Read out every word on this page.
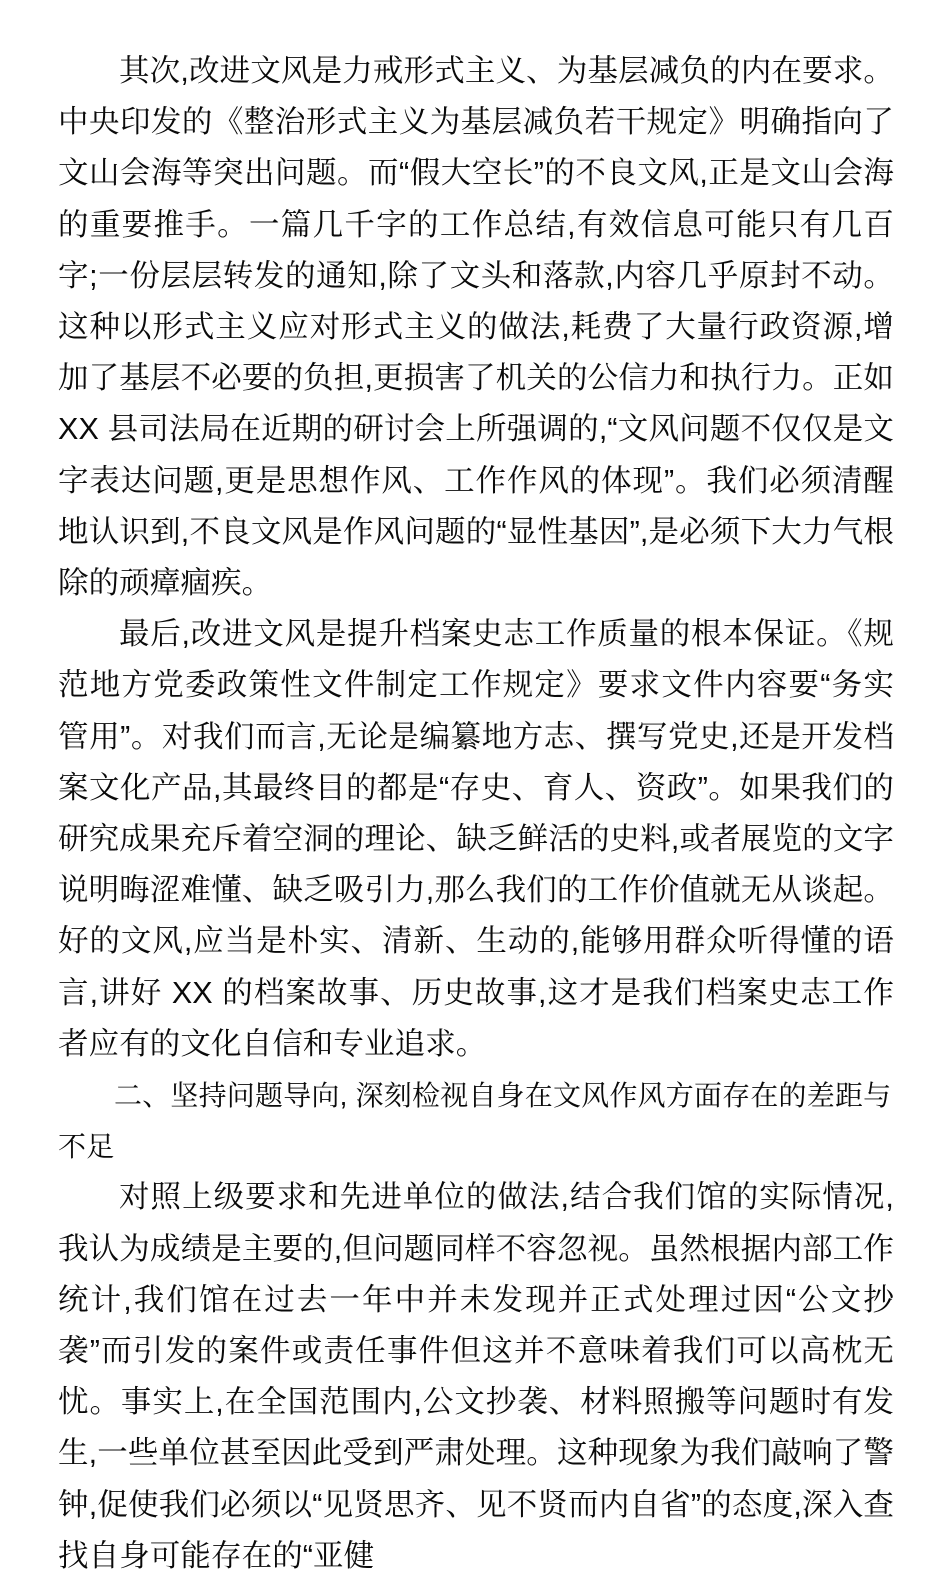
其次,改进文风是力戒形式主义、为基层减负的内在要求。中央印发的《整治形式主义为基层减负若干规定》明确指向了文山会海等突出问题。而“假大空长”的不良文风,正是文山会海的重要推手。一篇几千字的工作总结,有效信息可能只有几百字;一份层层转发的通知,除了文头和落款,内容几乎原封不动。这种以形式主义应对形式主义的做法,耗费了大量行政资源,增加了基层不必要的负担,更损害了机关的公信力和执行力。正如 XX 县司法局在近期的研讨会上所强调的,“文风问题不仅仅是文字表达问题,更是思想作风、工作作风的体现”。我们必须清醒地认识到,不良文风是作风问题的“显性基因”,是必须下大力气根除的顽瘴痼疾。

最后,改进文风是提升档案史志工作质量的根本保证。《规范地方党委政策性文件制定工作规定》要求文件内容要“务实管用”。对我们而言,无论是编纂地方志、撰写党史,还是开发档案文化产品,其最终目的都是“存史、育人、资政”。如果我们的研究成果充斥着空洞的理论、缺乏鲜活的史料,或者展览的文字说明晦涩难懂、缺乏吸引力,那么我们的工作价值就无从谈起。好的文风,应当是朴实、清新、生动的,能够用群众听得懂的语言,讲好 XX 的档案故事、历史故事,这才是我们档案史志工作者应有的文化自信和专业追求。

二、坚持问题导向, 深刻检视自身在文风作风方面存在的差距与不足

对照上级要求和先进单位的做法,结合我们馆的实际情况,我认为成绩是主要的,但问题同样不容忽视。虽然根据内部工作统计,我们馆在过去一年中并未发现并正式处理过因“公文抄袭”而引发的案件或责任事件但这并不意味着我们可以高枕无忧。事实上,在全国范围内,公文抄袭、材料照搬等问题时有发生,一些单位甚至因此受到严肃处理。这种现象为我们敲响了警钟,促使我们必须以“见贤思齐、见不贤而内自省”的态度,深入查找自身可能存在的“亚健
